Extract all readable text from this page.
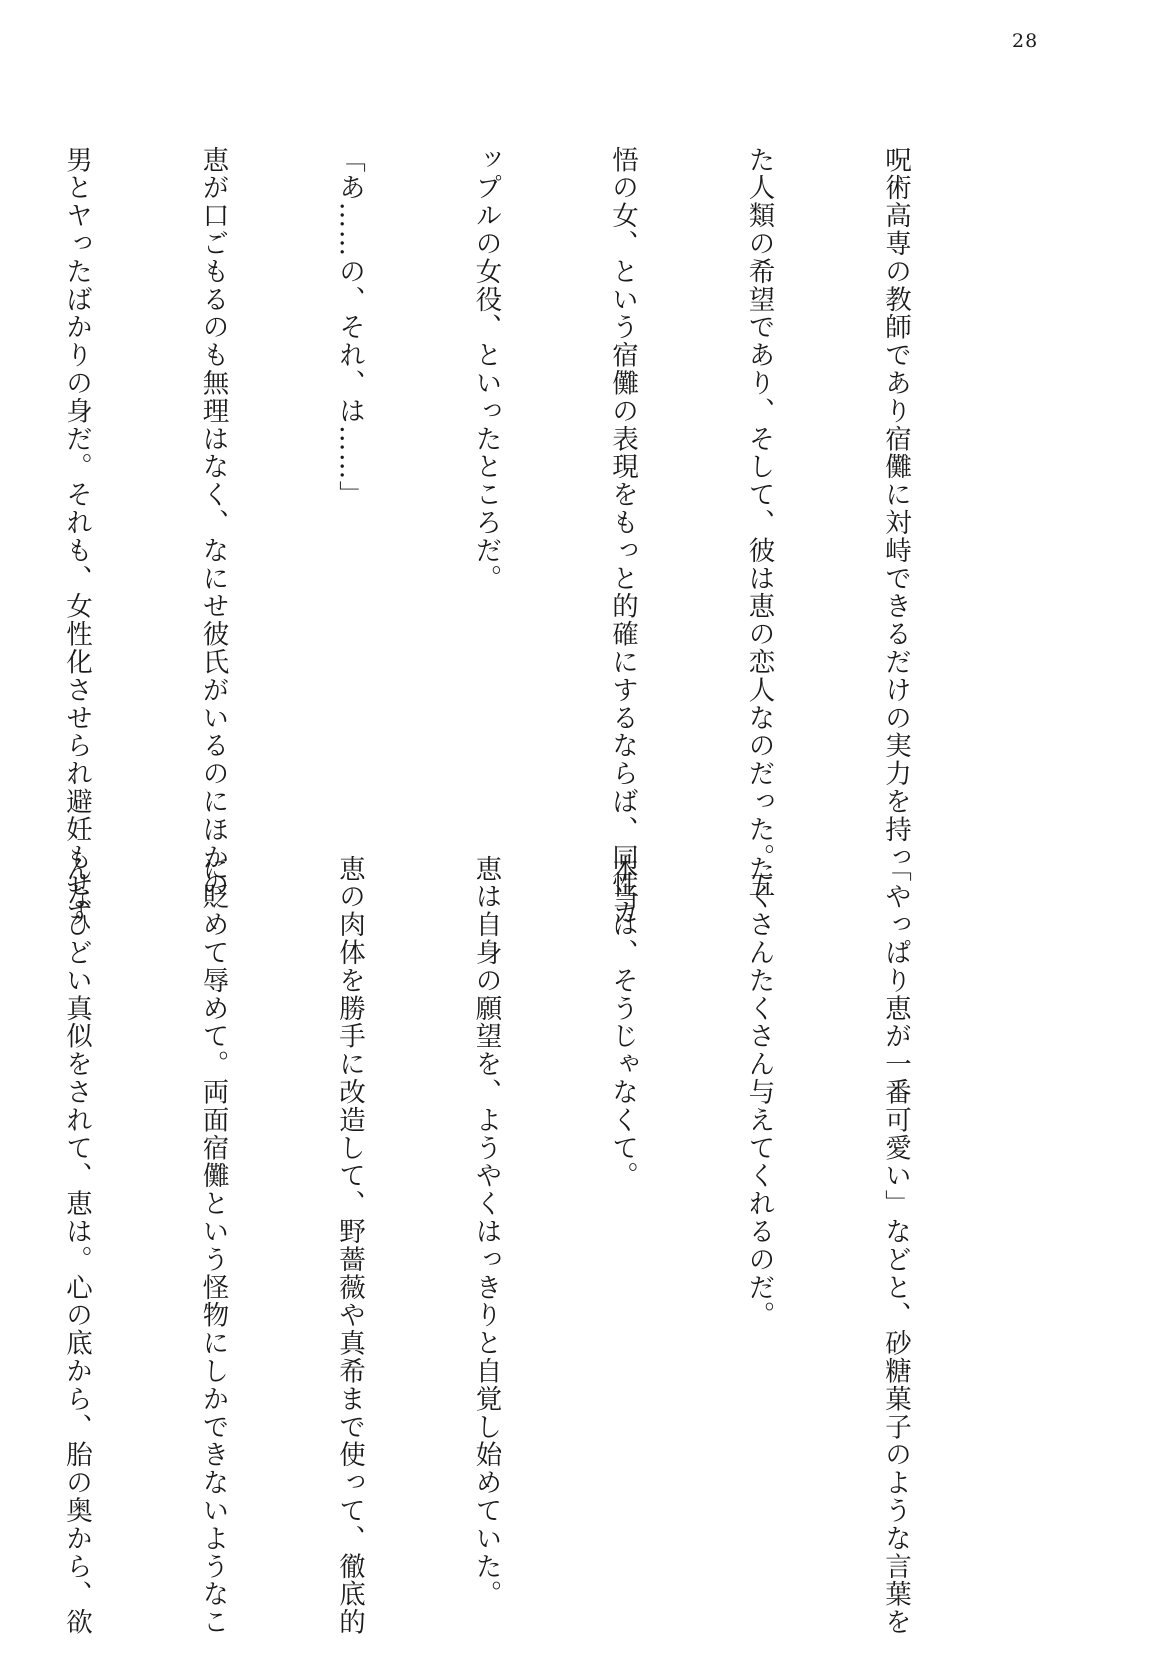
28

呪術高専の教師であり宿儺に対峙できるだけの実力を持っ

た人類の希望であり、そして、彼は恵の恋人なのだった。五

悟の女、という宿儺の表現をもっと的確にするならば、同性カ

ップルの女役、といったところだ。

「あ……の、それ、は……」

恵が口ごもるのも無理はなく、なにせ彼氏がいるのにほかの

男とヤったばかりの身だ。それも、女性化させられ避妊もせず

「やっぱり恵が一番可愛い」などと、砂糖菓子のような言葉を

たくさんたくさん与えてくれるのだ。

本当は、そうじゃなくて。

恵は自身の願望を、ようやくはっきりと自覚し始めていた。

恵の肉体を勝手に改造して、野薔薇や真希まで使って、徹底的

に貶めて辱めて。両面宿儺という怪物にしかできないようなこ

んなひどい真似をされて、恵は。心の底から、胎の奥から、欲
